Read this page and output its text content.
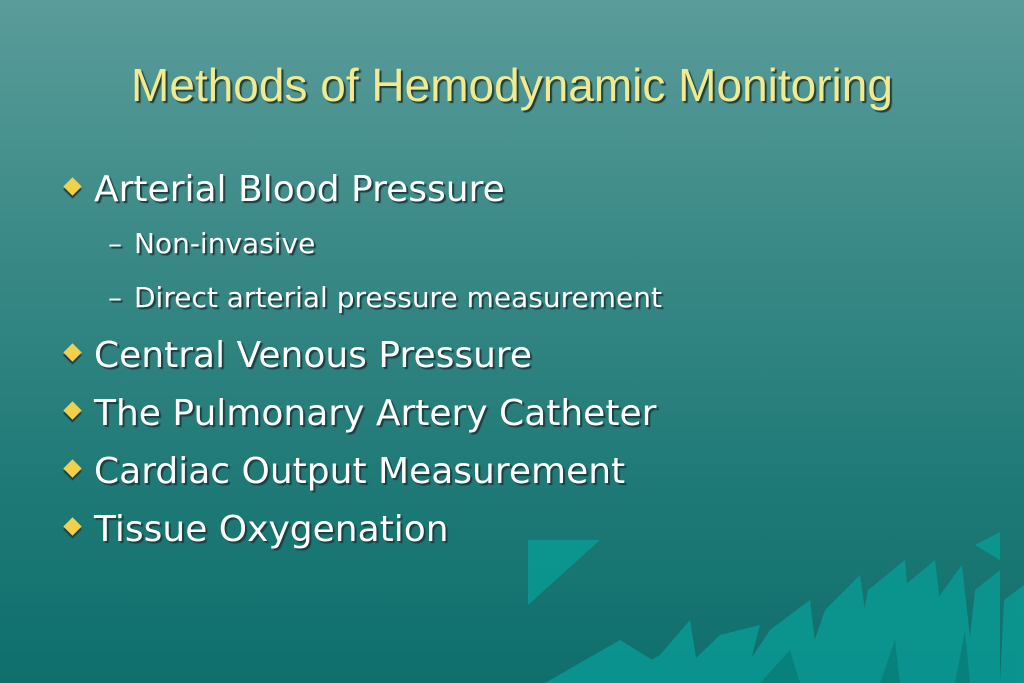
Methods of Hemodynamic Monitoring
Arterial Blood Pressure
– Non-invasive
– Direct arterial pressure measurement
Central Venous Pressure
The Pulmonary Artery Catheter
Cardiac Output Measurement
Tissue Oxygenation
